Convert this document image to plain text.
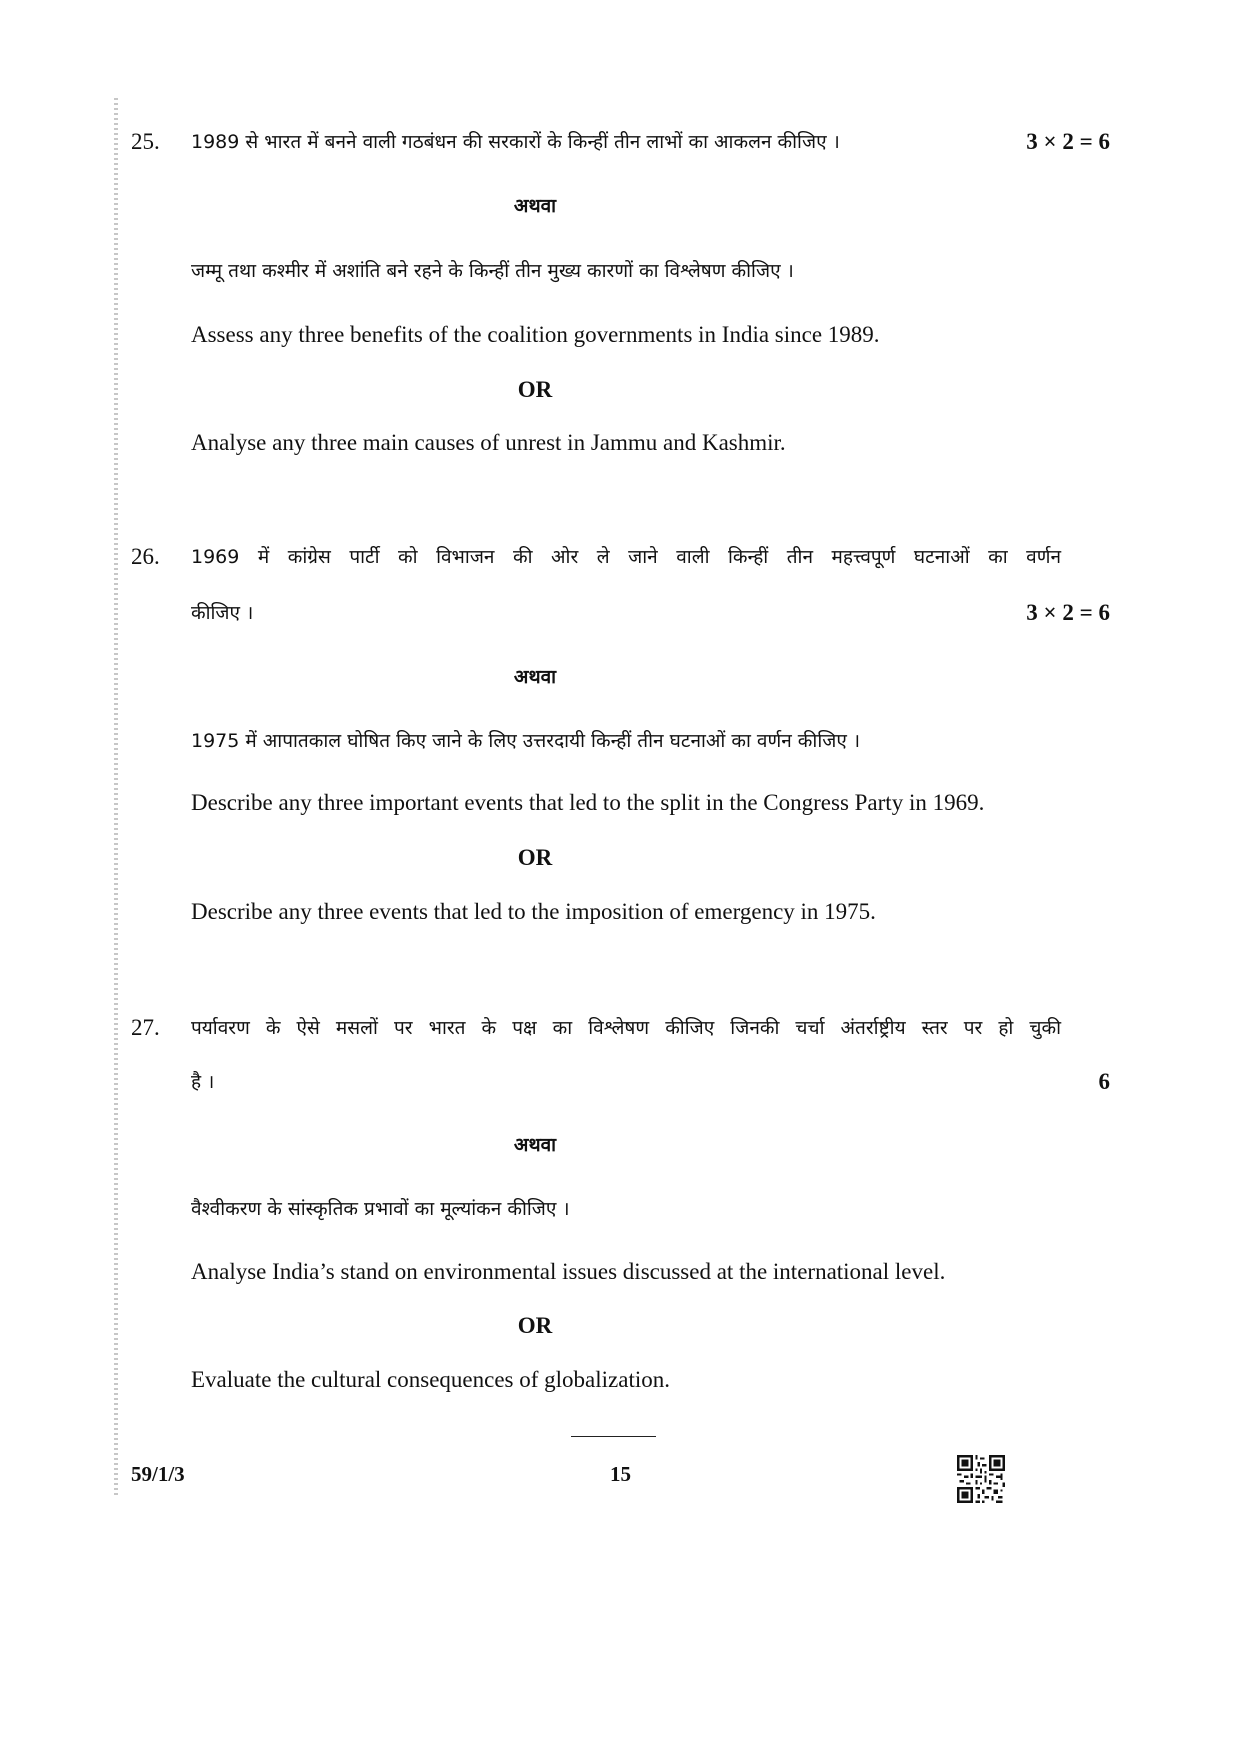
25. 1989 से भारत में बनने वाली गठबंधन की सरकारों के किन्हीं तीन लाभों का आकलन कीजिए ।	3 × 2 = 6
अथवा
जम्मू तथा कश्मीर में अशांति बने रहने के किन्हीं तीन मुख्य कारणों का विश्लेषण कीजिए ।
Assess any three benefits of the coalition governments in India since 1989.
OR
Analyse any three main causes of unrest in Jammu and Kashmir.
26. 1969 में कांग्रेस पार्टी को विभाजन की ओर ले जाने वाली किन्हीं तीन महत्त्वपूर्ण घटनाओं का वर्णन
कीजिए ।	3 × 2 = 6
अथवा
1975 में आपातकाल घोषित किए जाने के लिए उत्तरदायी किन्हीं तीन घटनाओं का वर्णन कीजिए ।
Describe any three important events that led to the split in the Congress Party in 1969.
OR
Describe any three events that led to the imposition of emergency in 1975.
27. पर्यावरण के ऐसे मसलों पर भारत के पक्ष का विश्लेषण कीजिए जिनकी चर्चा अंतर्राष्ट्रीय स्तर पर हो चुकी
है ।	6
अथवा
वैश्वीकरण के सांस्कृतिक प्रभावों का मूल्यांकन कीजिए ।
Analyse India’s stand on environmental issues discussed at the international level.
OR
Evaluate the cultural consequences of globalization.
59/1/3	15
